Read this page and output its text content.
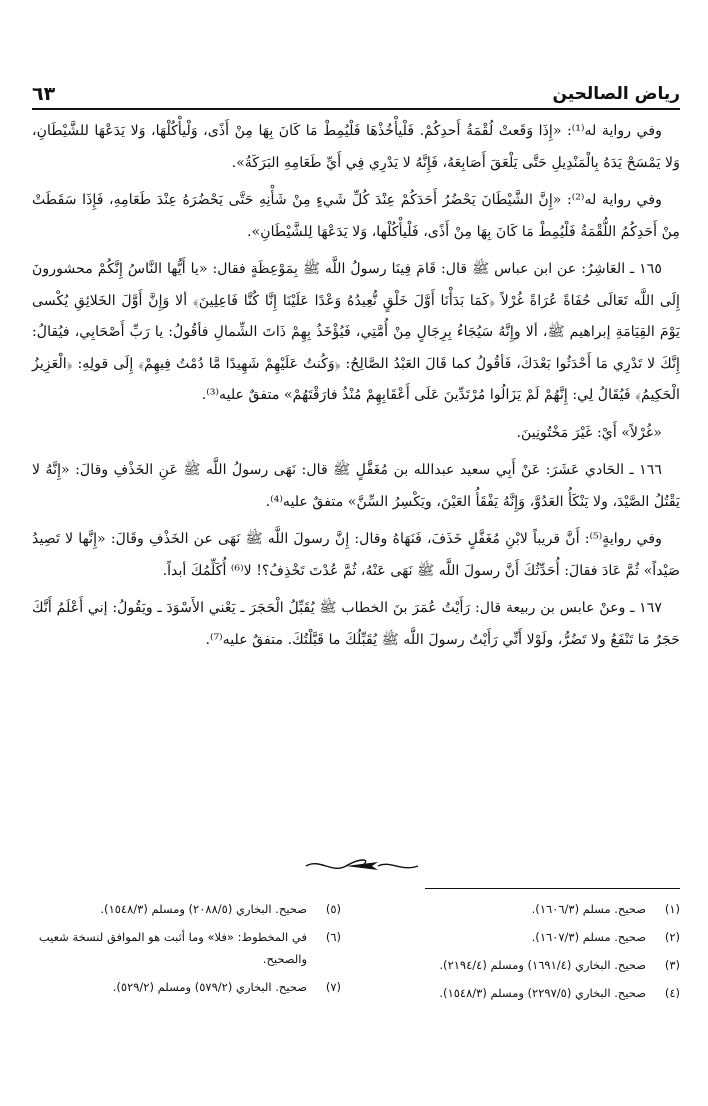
رياض الصالحين
٦٣

وفي رواية له⁽¹⁾: «إِذَا وَقَعتْ لُقْمَةُ أَحدِكُمْ. فَلْيأْخُذْهَا فَلْيُمِطْ مَا كَانَ بِهَا مِنْ أَذًى، وَلْيأْكُلْهَا، وَلا يَدَعْهَا للشَّيْطَانِ، وَلا يَمْسَحْ يَدَهُ بِالْمَنْدِيلِ حَتَّى يَلْعَقَ أَصَابِعَهُ، فَإِنَّهُ لا يَدْرِي فِي أَيِّ طَعَامِهِ البَرَكَةُ».

وفي رواية له⁽²⁾: «إِنَّ الشَّيْطَانَ يَحْضُرُ أَحَدَكُمْ عِنْدَ كُلِّ شَيءٍ مِنْ شَأْنِهِ حَتَّى يَحْضُرَهُ عِنْدَ طَعَامِهِ، فَإِذَا سَقَطَتْ مِنْ أَحَدِكُمُ اللُّقْمَةُ فَلْيُمِطْ مَا كَانَ بِهَا مِنْ أَذًى، فَلْيأْكُلْها، وَلا يَدَعْهَا لِلشَّيْطَانِ».

١٦٥ ـ العَاشِرُ: عن ابن عباس ﷺ قال: قَامَ فِينَا رسولُ اللَّه ﷺ بِمَوْعِظَةٍ فقال: «يا أَيُّها النَّاسُ إِنَّكُمْ محشورونَ إِلَى اللَّه تَعَالَى حُفَاةً عُرَاةً غُرْلاً ﴿كَمَا بَدَأْنَا أَوَّلَ خَلْقٍ نُّعِيدُهُ وَعْدًا عَلَيْنَا إِنَّا كُنَّا فَاعِلِينَ﴾ ألا وَإِنَّ أَوَّلَ الخَلائِقِ يُكْسى يَوْمَ القِيَامَةِ إبراهيم ﷺ، ألا وإِنَّهُ سَيُجَاءُ بِرِجَالٍ مِنْ أُمَّتِي، فَيُؤْخَذُ بِهِمْ ذَاتَ الشِّمالِ فأقُولُ: يا رَبِّ أَصْحَابِي، فيُقالُ: إِنَّكَ لا تَدْرِي مَا أَحْدَثُوا بَعْدَكَ، فَأقُولُ كما قَالَ العَبْدُ الصَّالِحُ: ﴿وَكُنتُ عَلَيْهِمْ شَهِيدًا مَّا دُمْتُ فِيهِمْ﴾ إِلَى قولِهِ: ﴿الْعَزِيزُ الْحَكِيمُ﴾ فَيُقَالُ لِي: إِنَّهُمْ لَمْ يَزَالُوا مُرْتَدِّينَ عَلَى أَعْقَابِهِمْ مُنْذُ فارَقْتَهُمْ» متفقٌ عليه⁽³⁾.

«غُرْلاً» أَيْ: غَيْرَ مَخْتُونِينَ.

١٦٦ ـ الحَادي عَشَرَ: عَنْ أَبِي سعيد عبدالله بن مُغَفَّلٍ ﷺ قال: نَهَى رسولُ اللَّه ﷺ عَنِ الخَذْفِ وقالَ: «إِنَّهُ لا يَقْتُلُ الصَّيْدَ، ولا يَنْكَأُ العَدُوَّ، وَإِنَّهُ يَفْقَأُ العَيْنَ، ويَكْسِرُ السِّنَّ» متفقٌ عليه⁽⁴⁾.

وفي روايةٍ⁽⁵⁾: أَنَّ قريباً لابْنِ مُغَفَّلٍ خَذَفَ، فَنَهَاهُ وقال: إِنَّ رسولَ اللَّه ﷺ نَهَى عن الخَذْفِ وقَالَ: «إِنَّها لا تَصِيدُ صَيْداً» ثُمَّ عَادَ فقالَ: أُحَدِّثُكَ أَنَّ رسولَ اللَّه ﷺ نَهَى عَنْهُ، ثُمَّ عُدْتَ تَخْذِفُ؟! لا⁽⁶⁾ أُكَلِّمُكَ أبداً.

١٦٧ ـ وعنْ عابس بن ربيعة قال: رَأَيْتُ عُمَرَ بنَ الخطاب ﷺ يُقَبِّلُ الْحَجَرَ ـ يَعْني الأَسْوَدَ ـ ويَقُولُ: إني أَعْلَمُ أَنَّكَ حَجَرٌ مَا تَنْفَعُ ولا تَضُرُّ، ولَوْلا أَنِّي رَأَيْتُ رسولَ اللَّه ﷺ يُقَبِّلُكَ ما قَبَّلْتُكَ. متفقٌ عليه⁽⁷⁾.

(١)
صحيح. مسلم (١٦٠٦/٣).
(٢)
صحيح. مسلم (١٦٠٧/٣).
(٣)
صحيح. البخاري (١٦٩١/٤) ومسلم (٢١٩٤/٤).
(٤)
صحيح. البخاري (٢٢٩٧/٥) ومسلم (١٥٤٨/٣).
(٥)
صحيح. البخاري (٢٠٨٨/٥) ومسلم (١٥٤٨/٣).
(٦)
في المخطوط: «فلا» وما أثبت هو الموافق لنسخة شعيب والصحيح.
(٧)
صحيح. البخاري (٥٧٩/٢) ومسلم (٥٢٩/٢).
